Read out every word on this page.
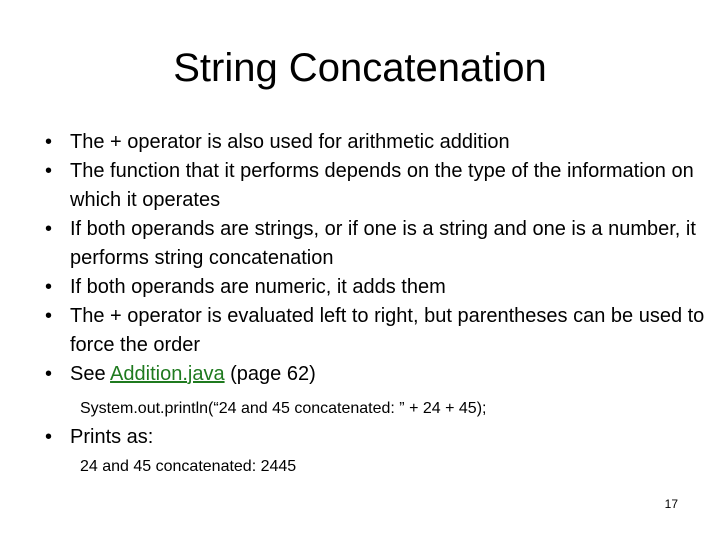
String Concatenation
• The + operator is also used for arithmetic addition
• The function that it performs depends on the type of the information on which it operates
• If both operands are strings, or if one is a string and one is a number, it performs string concatenation
• If both operands are numeric, it adds them
• The + operator is evaluated left to right, but parentheses can be used to force the order
• See Addition.java (page 62)
System.out.println(“24 and 45 concatenated: ” + 24 + 45);
• Prints as:
24 and 45 concatenated: 2445
17
